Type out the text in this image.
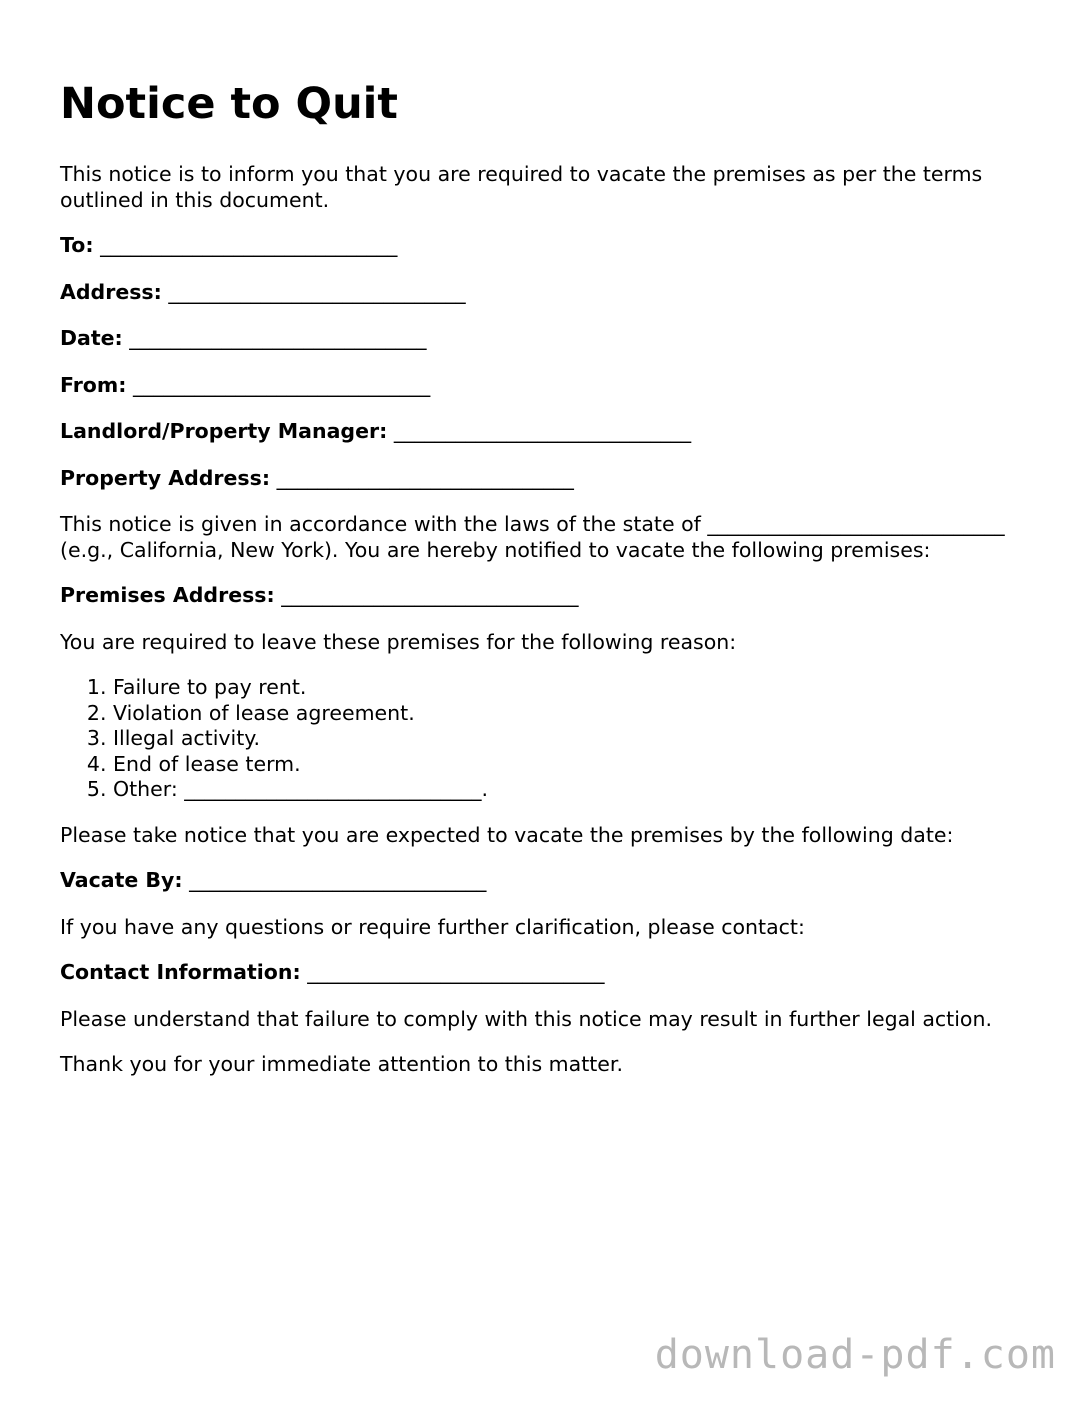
Notice to Quit

This notice is to inform you that you are required to vacate the premises as per the terms outlined in this document.

To: _____________________________
Address: _____________________________
Date: _____________________________
From: _____________________________
Landlord/Property Manager: _____________________________
Property Address: _____________________________

This notice is given in accordance with the laws of the state of _____________________________ (e.g., California, New York). You are hereby notified to vacate the following premises:

Premises Address: _____________________________

You are required to leave these premises for the following reason:

1. Failure to pay rent.
2. Violation of lease agreement.
3. Illegal activity.
4. End of lease term.
5. Other: _____________________________.

Please take notice that you are expected to vacate the premises by the following date:

Vacate By: _____________________________

If you have any questions or require further clarification, please contact:

Contact Information: _____________________________

Please understand that failure to comply with this notice may result in further legal action.

Thank you for your immediate attention to this matter.

download-pdf.com
